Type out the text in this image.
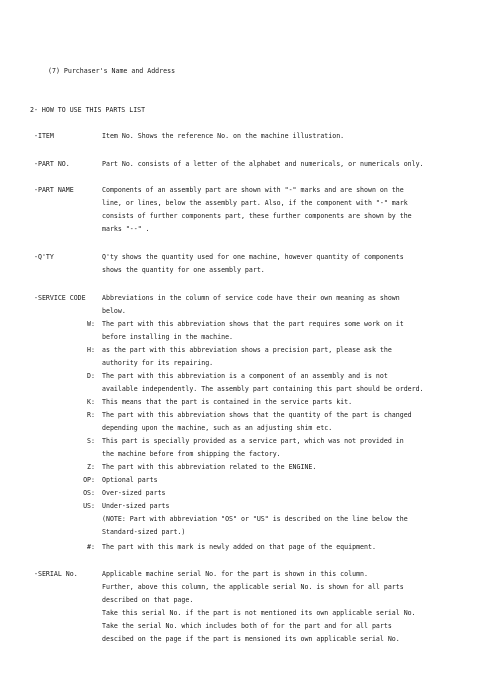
(7) Purchaser's Name and Address
2- HOW TO USE THIS PARTS LIST
-ITEM	Item No. Shows the reference No. on the machine illustration.
-PART NO.	Part No. consists of a letter of the alphabet and numericals, or numericals only.
-PART NAME	Components of an assembly part are shown with "-" marks and are shown on the
line, or lines, below the assembly part. Also, if the component with "-" mark
consists of further components part, these further components are shown by the
marks "--" .
-Q'TY	Q'ty shows the quantity used for one machine, however quantity of components
shows the quantity for one assembly part.
-SERVICE CODE Abbreviations in the column of service code have their own meaning as shown
below.
W: The part with this abbreviation shows that the part requires some work on it
before installing in the machine.
H: as the part with this abbreviation shows a precision part, please ask the
authority for its repairing.
D: The part with this abbreviation is a component of an assembly and is not
available independently. The assembly part containing this part should be orderd.
K: This means that the part is contained in the service parts kit.
R: The part with this abbreviation shows that the quantity of the part is changed
depending upon the machine, such as an adjusting shim etc.
S: This part is specially provided as a service part, which was not provided in
the machine before from shipping the factory.
Z: The part with this abbreviation related to the ENGINE.
OP: Optional parts
OS: Over-sized parts
US: Under-sized parts
(NOTE: Part with abbreviation "OS" or "US" is described on the line below the
Standard-sized part.)
#: The part with this mark is newly added on that page of the equipment.
-SERIAL No.	Applicable machine serial No. for the part is shown in this column.
Further, above this column, the applicable serial No. is shown for all parts
described on that page.
Take this serial No. if the part is not mentioned its own applicable serial No.
Take the serial No. which includes both of for the part and for all parts
descibed on the page if the part is mensioned its own applicable serial No.
